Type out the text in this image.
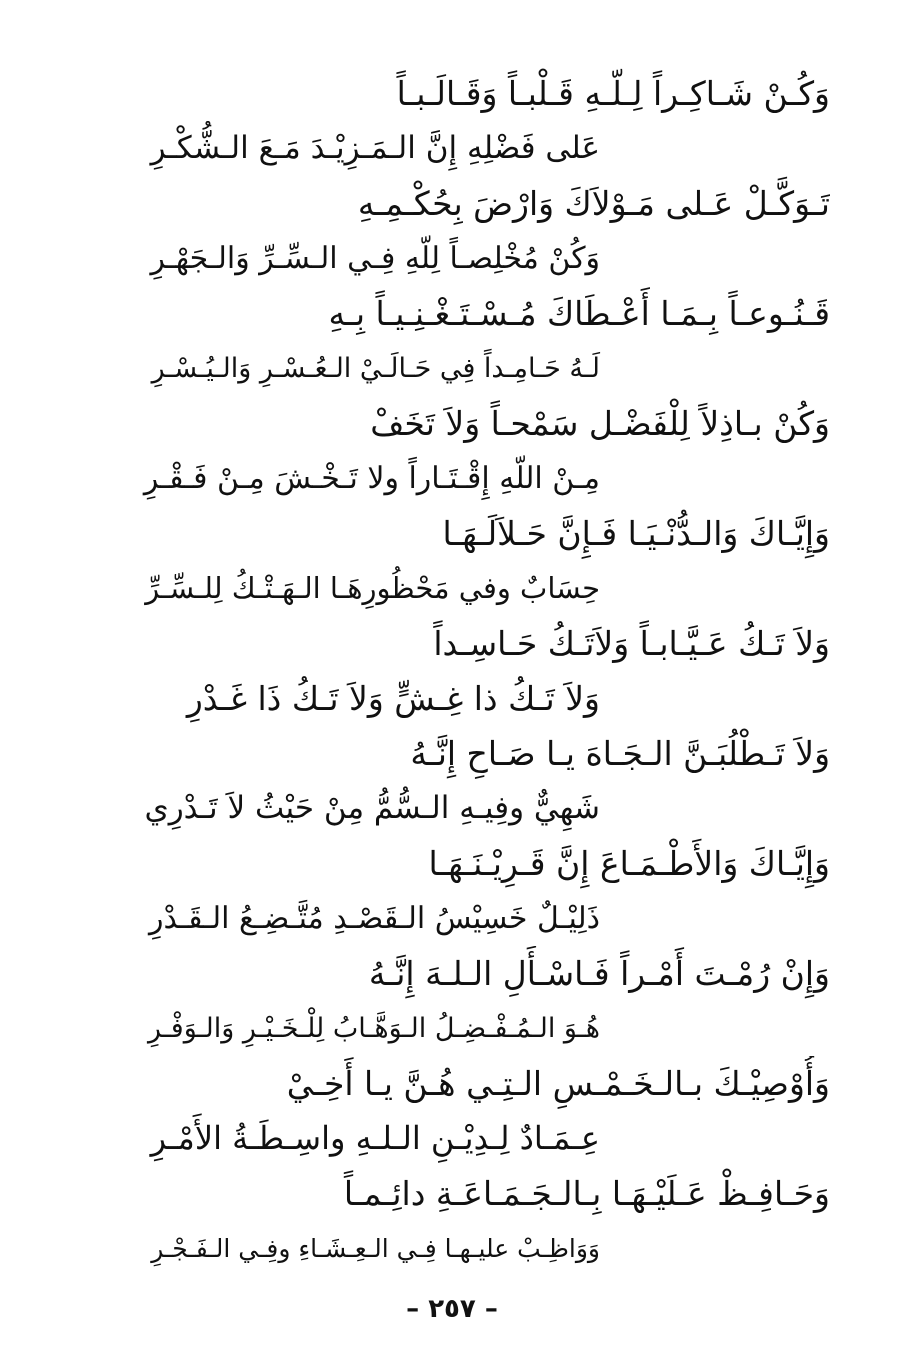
وَكُـنْ شَـاكِـراً لِـلّـهِ قَـلْبـاً وَقَـالَـبـاً
عَلى فَضْلِهِ إِنَّ الـمَـزِيْـدَ مَـعَ الـشُّكْـرِ
تَـوَكَّـلْ عَـلى مَـوْلاَكَ وَارْضَ بِحُكْـمِـهِ
وَكُنْ مُخْلِصـاً لِلّهِ فِـي الـسِّـرِّ وَالـجَهْـرِ
قَـنُـوعـاً بِـمَـا أَعْـطَاكَ مُـسْـتَـغْـنِـيـاً بِـهِ
لَـهُ حَـامِـداً فِي حَـالَـيْ الـعُـسْـرِ وَالـيُـسْـرِ
وَكُنْ بـاذِلاً لِلْفَضْـل سَمْحـاً وَلاَ تَخَفْ
مِـنْ اللّهِ إِقْـتَـاراً ولا تَـخْـشَ مِـنْ فَـقْـرِ
وَإِيَّـاكَ وَالـدُّنْـيَـا فَـإِنَّ حَـلاَلَـهَـا
حِسَابٌ وفي مَحْظُورِهَـا الـهَـتْـكُ لِلـسِّـرِّ
وَلاَ تَـكُ عَـيَّـابـاً وَلاَتَـكُ حَـاسِـداً
وَلاَ تَـكُ ذا غِـشٍّ وَلاَ تَـكُ ذَا غَـدْرِ
وَلاَ تَـطْلُبَـنَّ الـجَـاهَ يـا صَـاحِ إِنَّـهُ
شَهِيٌّ وفِيـهِ الـسُّمُّ مِنْ حَيْثُ لاَ تَـدْرِي
وَإِيَّـاكَ وَالأَطْـمَـاعَ إِنَّ قَـرِيْـنَـهَـا
ذَلِيْـلٌ خَسِيْسُ الـقَصْـدِ مُتَّـضِـعُ الـقَـدْرِ
وَإِنْ رُمْـتَ أَمْـراً فَـاسْـأَلِ الـلـهَ إِنَّـهُ
هُـوَ الـمُـفْـضِـلُ الـوَهَّـابُ لِلْـخَـيْـرِ وَالـوَفْـرِ
وَأُوْصِيْـكَ بـالـخَـمْـسِ الـتِـي هُـنَّ يـا أَخِـيْ
عِـمَـادٌ لِـدِيْـنِ الـلـهِ واسِـطَـةُ الأَمْـرِ
وَحَـافِـظْ عَـلَيْـهَـا بِـالـجَـمَـاعَـةِ دائِـمـاً
وَوَاظِـبْ عليـهـا فِـي الـعِـشَـاءِ وفِـي الـفَـجْـرِ
– ٢٥٧ –
